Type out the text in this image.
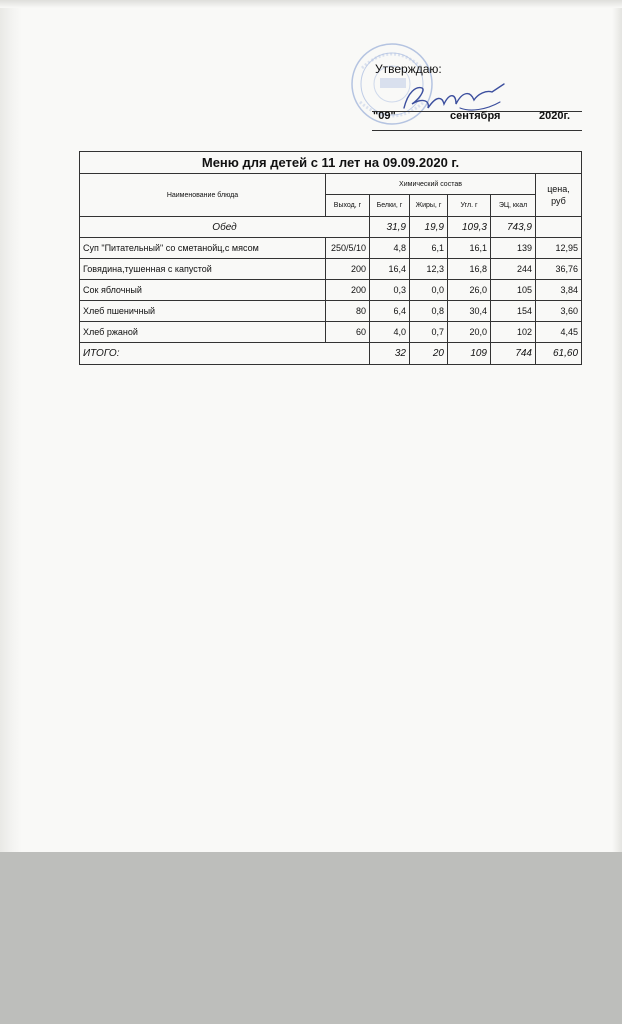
Утверждаю:
"09"	сентября	2020г.
Меню для детей с 11 лет на 09.09.2020 г.						
Наименование блюда	Химический состав					цена, руб

	Выход, г	Белки, г	Жиры, г	Угл. г	ЭЦ, ккал	
Обед		31,9	19,9	109,3	743,9	
Суп "Питательный" со сметанойц,с мясом	250/5/10	4,8	6,1	16,1	139	12,95
Говядина,тушенная с капустой	200	16,4	12,3	16,8	244	36,76
Сок яблочный	200	0,3	0,0	26,0	105	3,84
Хлеб пшеничный	80	6,4	0,8	30,4	154	3,60
Хлеб ржаной	60	4,0	0,7	20,0	102	4,45
ИТОГО:		32	20	109	744	61,60
